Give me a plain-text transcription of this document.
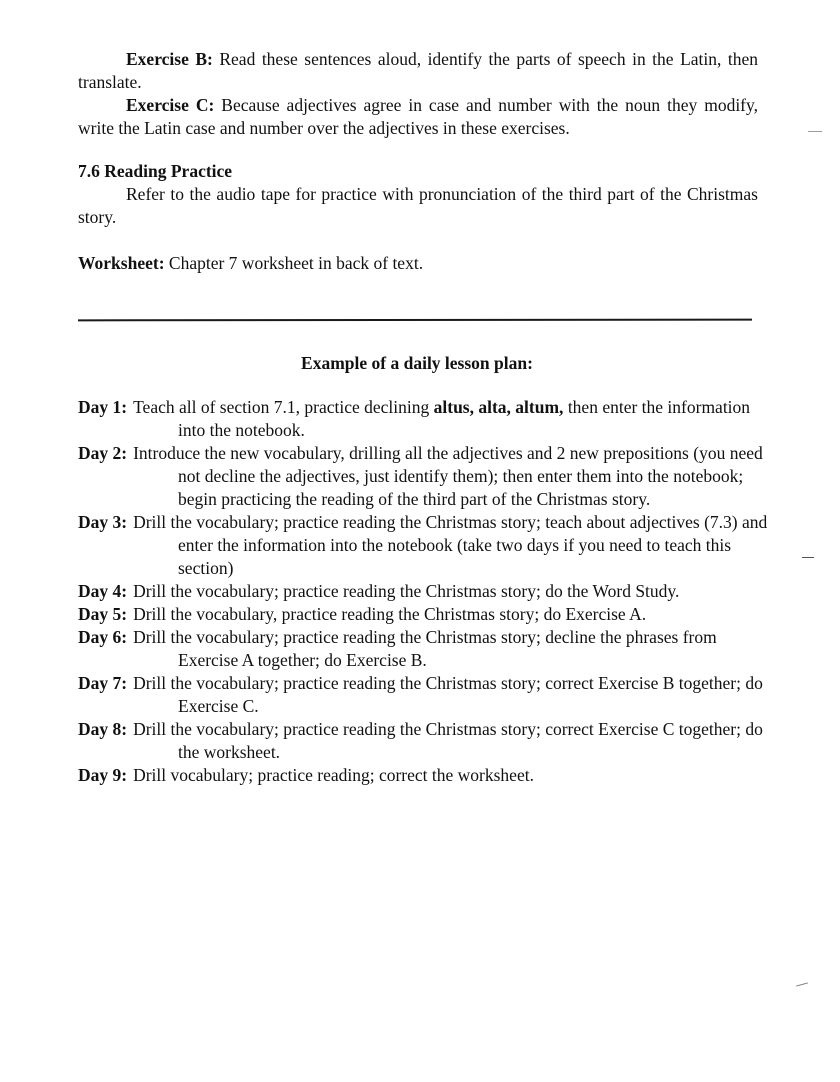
Exercise B: Read these sentences aloud, identify the parts of speech in the Latin, then translate.

Exercise C: Because adjectives agree in case and number with the noun they modify, write the Latin case and number over the adjectives in these exercises.

7.6 Reading Practice

Refer to the audio tape for practice with pronunciation of the third part of the Christmas story.

Worksheet: Chapter 7 worksheet in back of text.

Example of a daily lesson plan:

Day 1: Teach all of section 7.1, practice declining altus, alta, altum, then enter the information into the notebook.

Day 2: Introduce the new vocabulary, drilling all the adjectives and 2 new prepositions (you need not decline the adjectives, just identify them); then enter them into the notebook; begin practicing the reading of the third part of the Christmas story.

Day 3: Drill the vocabulary; practice reading the Christmas story; teach about adjectives (7.3) and enter the information into the notebook (take two days if you need to teach this section)

Day 4: Drill the vocabulary; practice reading the Christmas story; do the Word Study.

Day 5: Drill the vocabulary, practice reading the Christmas story; do Exercise A.

Day 6: Drill the vocabulary; practice reading the Christmas story; decline the phrases from Exercise A together; do Exercise B.

Day 7: Drill the vocabulary; practice reading the Christmas story; correct Exercise B together; do Exercise C.

Day 8: Drill the vocabulary; practice reading the Christmas story; correct Exercise C together; do the worksheet.

Day 9: Drill vocabulary; practice reading; correct the worksheet.
